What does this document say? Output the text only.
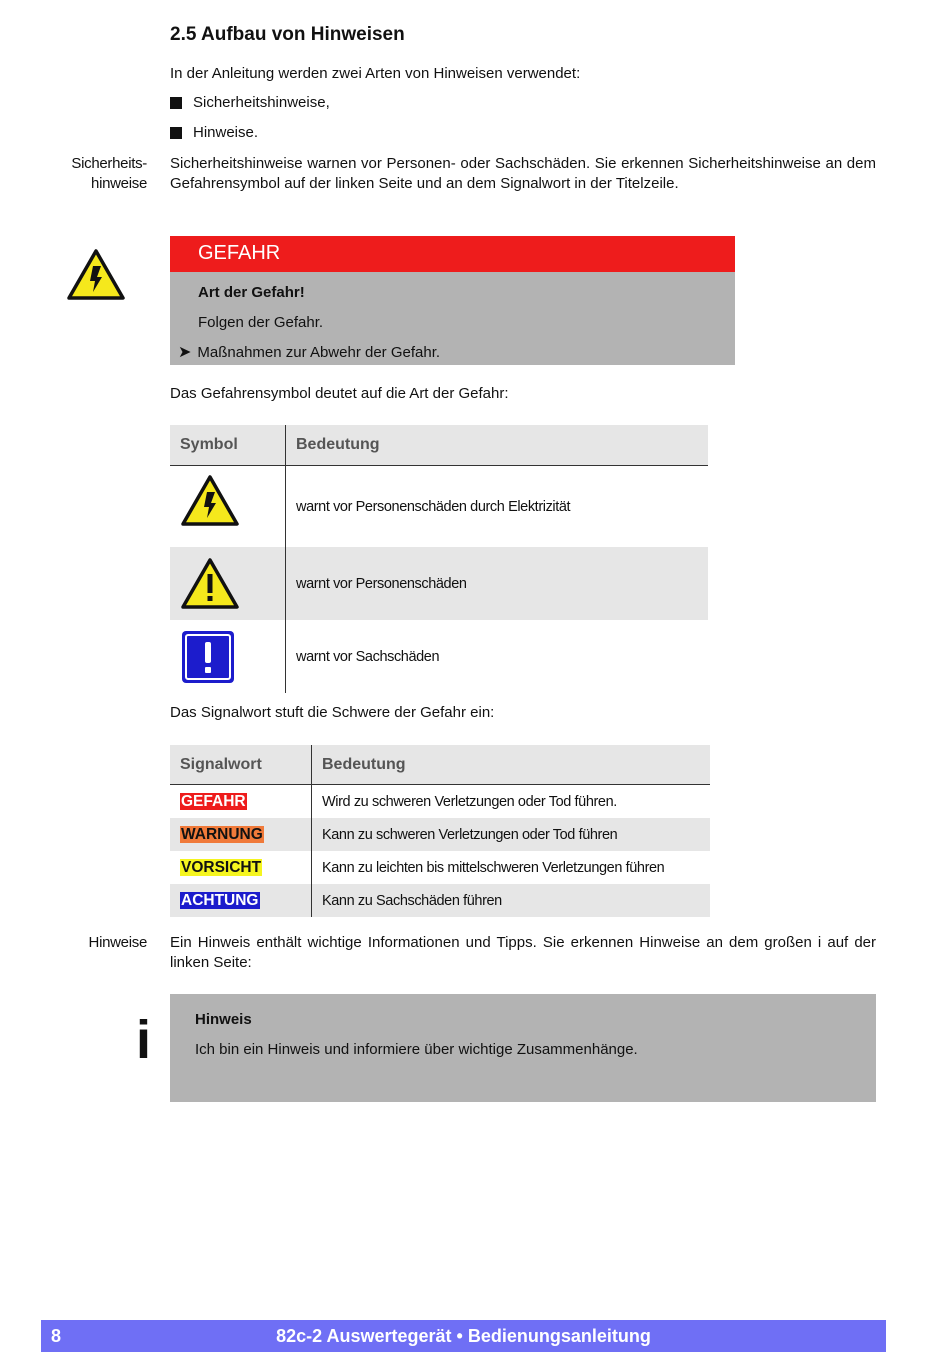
2.5 Aufbau von Hinweisen

In der Anleitung werden zwei Arten von Hinweisen verwendet:

Sicherheitshinweise,
Hinweise.
Sicherheits-
hinweise

Sicherheitshinweise warnen vor Personen- oder Sachschäden. Sie erkennen Sicherheitshinweise an dem Gefahrensymbol auf der linken Seite und an dem Signalwort in der Titelzeile.

GEFAHR
Art der Gefahr!
Folgen der Gefahr.
➤ Maßnahmen zur Abwehr der Gefahr.

Das Gefahrensymbol deutet auf die Art der Gefahr:

Symbol	Bedeutung
	warnt vor Personenschäden durch Elektrizität

	warnt vor Personenschäden

	warnt vor Sachschäden

Das Signalwort stuft die Schwere der Gefahr ein:

Signalwort	Bedeutung
GEFAHR	Wird zu schweren Verletzungen oder Tod führen.
WARNUNG	Kann zu schweren Verletzungen oder Tod führen
VORSICHT	Kann zu leichten bis mittelschweren Verletzungen führen
ACHTUNG	Kann zu Sachschäden führen
Hinweise Ein Hinweis enthält wichtige Informationen und Tipps. Sie erkennen Hinweise an dem großen i auf der linken Seite:

i	Hinweis
Ich bin ein Hinweis und informiere über wichtige Zusammenhänge.
82c-2 Auswertegerät • Bedienungsanleitung
8
